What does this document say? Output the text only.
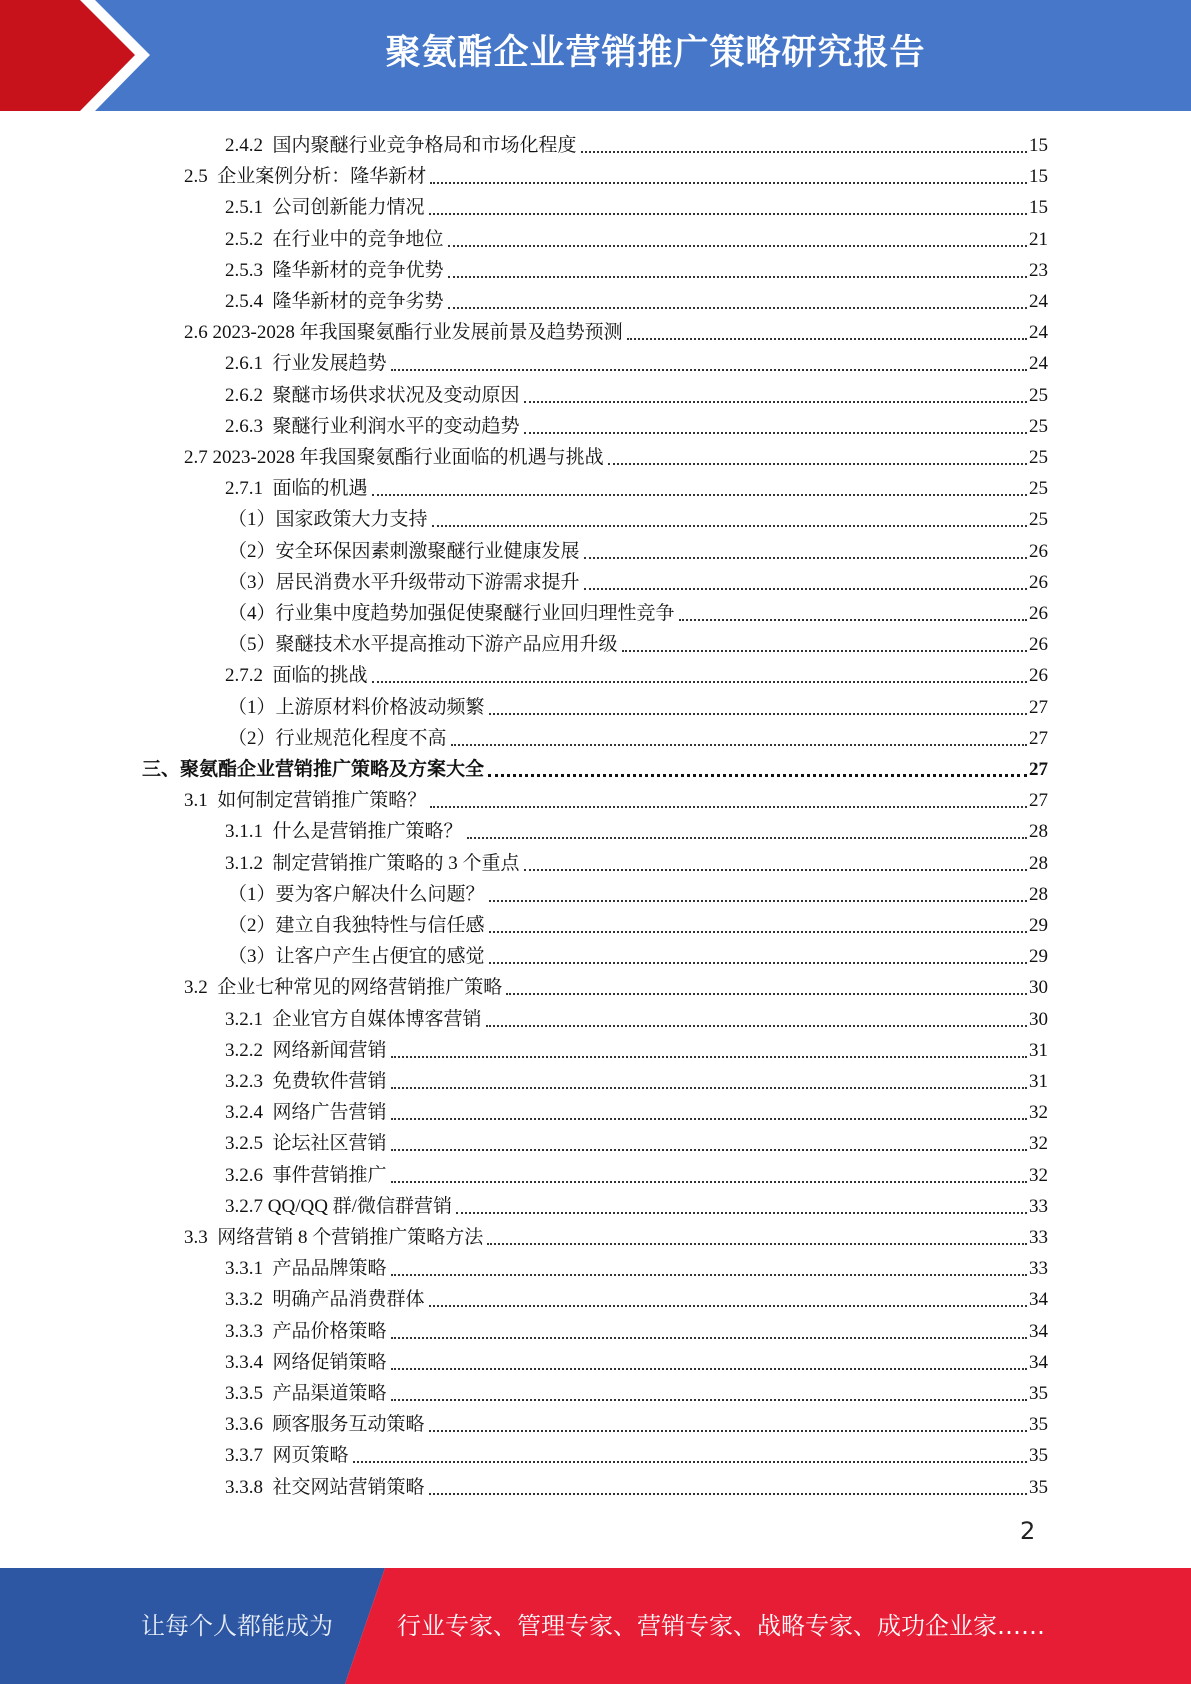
聚氨酯企业营销推广策略研究报告
2.4.2  国内聚醚行业竞争格局和市场化程度	15
2.5  企业案例分析：隆华新材	15
2.5.1  公司创新能力情况	15
2.5.2  在行业中的竞争地位	21
2.5.3  隆华新材的竞争优势	23
2.5.4  隆华新材的竞争劣势	24
2.6 2023-2028 年我国聚氨酯行业发展前景及趋势预测	24
2.6.1  行业发展趋势	24
2.6.2  聚醚市场供求状况及变动原因	25
2.6.3  聚醚行业利润水平的变动趋势	25
2.7 2023-2028 年我国聚氨酯行业面临的机遇与挑战	25
2.7.1  面临的机遇	25
（1）国家政策大力支持	25
（2）安全环保因素刺激聚醚行业健康发展	26
（3）居民消费水平升级带动下游需求提升	26
（4）行业集中度趋势加强促使聚醚行业回归理性竞争	26
（5）聚醚技术水平提高推动下游产品应用升级	26
2.7.2  面临的挑战	26
（1）上游原材料价格波动频繁	27
（2）行业规范化程度不高	27
三、聚氨酯企业营销推广策略及方案大全	27
3.1  如何制定营销推广策略？	27
3.1.1  什么是营销推广策略？	28
3.1.2  制定营销推广策略的 3 个重点	28
（1）要为客户解决什么问题？	28
（2）建立自我独特性与信任感	29
（3）让客户产生占便宜的感觉	29
3.2  企业七种常见的网络营销推广策略	30
3.2.1  企业官方自媒体博客营销	30
3.2.2  网络新闻营销	31
3.2.3  免费软件营销	31
3.2.4  网络广告营销	32
3.2.5  论坛社区营销	32
3.2.6  事件营销推广	32
3.2.7 QQ/QQ 群/微信群营销	33
3.3  网络营销 8 个营销推广策略方法	33
3.3.1  产品品牌策略	33
3.3.2  明确产品消费群体	34
3.3.3  产品价格策略	34
3.3.4  网络促销策略	34
3.3.5  产品渠道策略	35
3.3.6  顾客服务互动策略	35
3.3.7  网页策略	35
3.3.8  社交网站营销策略	35
2
让每个人都能成为	行业专家、管理专家、营销专家、战略专家、成功企业家……
